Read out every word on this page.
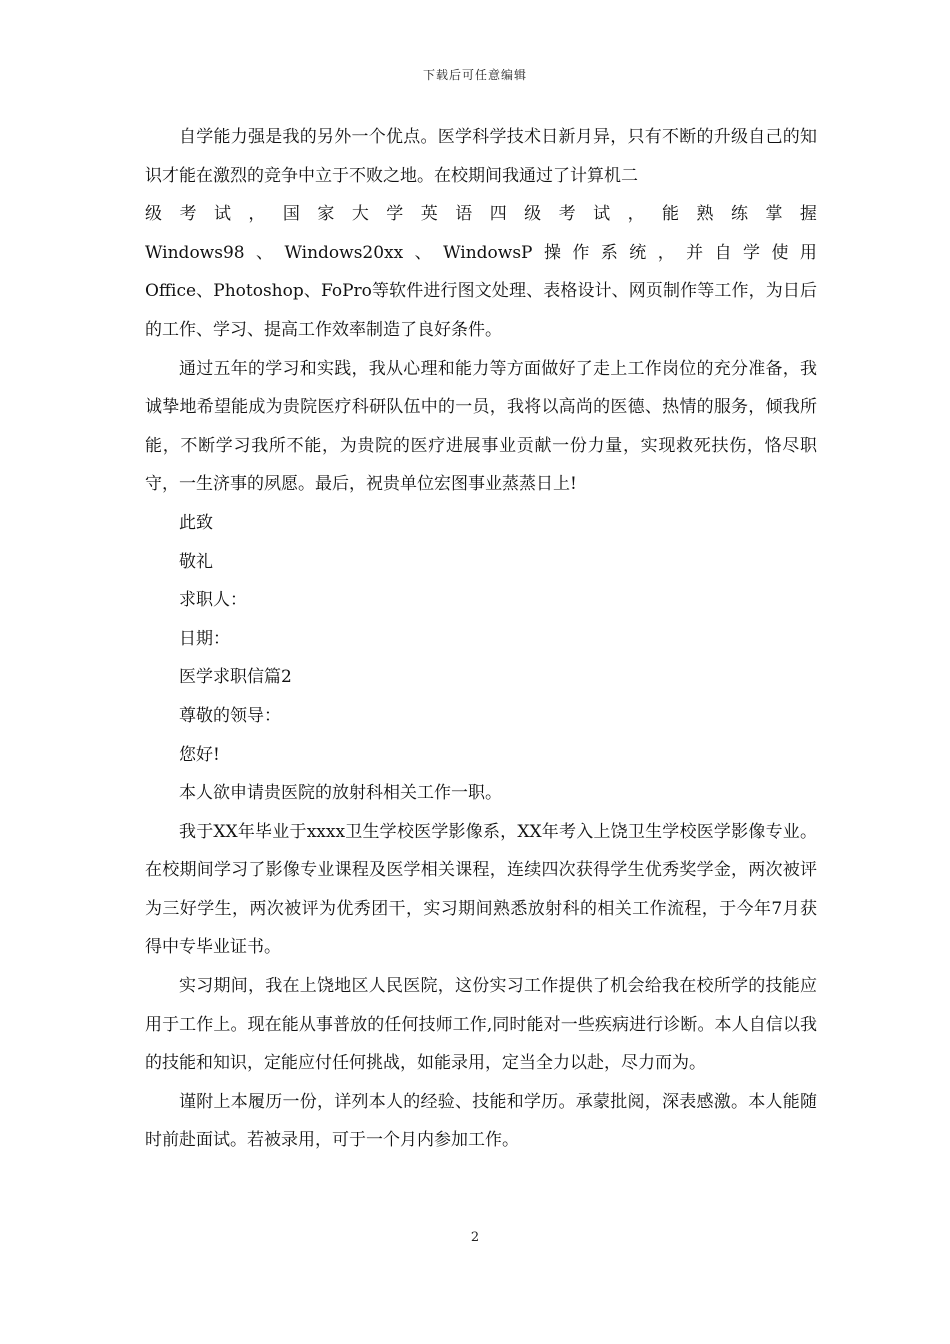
下载后可任意编辑

自学能力强是我的另外一个优点。医学科学技术日新月异，只有不断的升级自己的知识才能在激烈的竞争中立于不败之地。在校期间我通过了计算机二

级 考 试 ， 国 家 大 学 英 语 四 级 考 试 ， 能 熟 练 掌 握
Windows98 、 Windows20xx 、 WindowsP 操 作 系 统 ， 并 自 学 使 用

Office、Photoshop、FoPro等软件进行图文处理、表格设计、网页制作等工作，为日后的工作、学习、提高工作效率制造了良好条件。

通过五年的学习和实践，我从心理和能力等方面做好了走上工作岗位的充分准备，我诚挚地希望能成为贵院医疗科研队伍中的一员，我将以高尚的医德、热情的服务，倾我所能，不断学习我所不能，为贵院的医疗进展事业贡献一份力量，实现救死扶伤，恪尽职守，一生济事的夙愿。最后，祝贵单位宏图事业蒸蒸日上!

此致

敬礼

求职人：

日期：

医学求职信篇2

尊敬的领导：

您好!

本人欲申请贵医院的放射科相关工作一职。

我于XX年毕业于xxxx卫生学校医学影像系，XX年考入上饶卫生学校医学影像专业。在校期间学习了影像专业课程及医学相关课程，连续四次获得学生优秀奖学金，两次被评为三好学生，两次被评为优秀团干，实习期间熟悉放射科的相关工作流程，于今年7月获得中专毕业证书。

实习期间，我在上饶地区人民医院，这份实习工作提供了机会给我在校所学的技能应用于工作上。现在能从事普放的任何技师工作,同时能对一些疾病进行诊断。本人自信以我的技能和知识，定能应付任何挑战，如能录用，定当全力以赴，尽力而为。

谨附上本履历一份，详列本人的经验、技能和学历。承蒙批阅，深表感激。本人能随时前赴面试。若被录用，可于一个月内参加工作。

2
